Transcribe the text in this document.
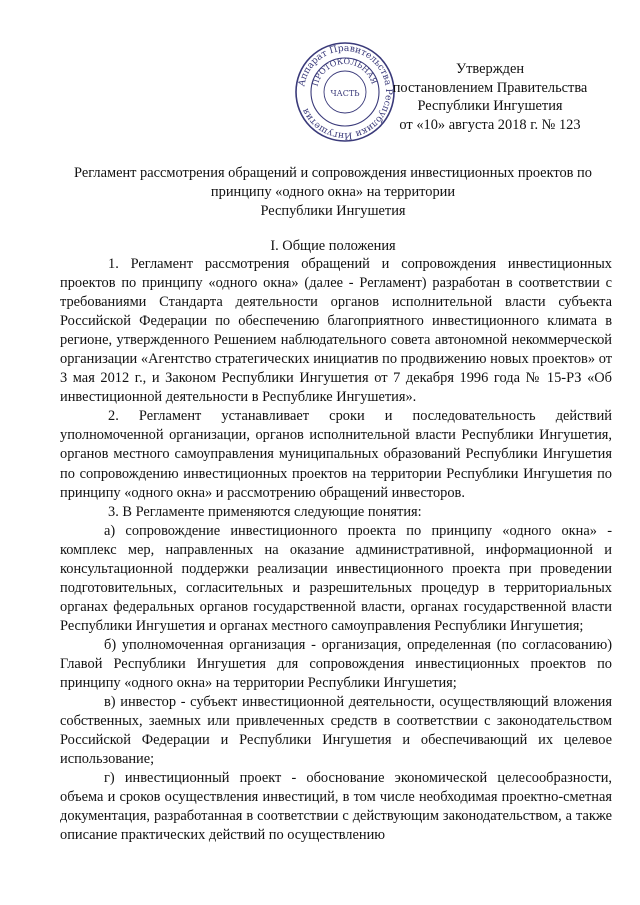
Аппарат Правительства Республики Ингушетия
ПРОТОКОЛЬНАЯ
ЧАСТЬ
Утвержден
постановлением Правительства
Республики Ингушетия
от «10» августа 2018 г. № 123
Регламент рассмотрения обращений и сопровождения инвестиционных проектов по
принципу «одного окна» на территории
Республики Ингушетия
I. Общие положения

1. Регламент рассмотрения обращений и сопровождения инвестиционных проектов по принципу «одного окна» (далее - Регламент) разработан в соответствии с требованиями Стандарта деятельности органов исполнительной власти субъекта Российской Федерации по обеспечению благоприятного инвестиционного климата в регионе, утвержденного Решением наблюдательного совета автономной некоммерческой организации «Агентство стратегических инициатив по продвижению новых проектов» от 3 мая 2012 г., и Законом Республики Ингушетия от 7 декабря 1996 года № 15-РЗ «Об инвестиционной деятельности в Республике Ингушетия».

2. Регламент устанавливает сроки и последовательность действий уполномоченной организации, органов исполнительной власти Республики Ингушетия, органов местного самоуправления муниципальных образований Республики Ингушетия по сопровождению инвестиционных проектов на территории Республики Ингушетия по принципу «одного окна» и рассмотрению обращений инвесторов.

3. В Регламенте применяются следующие понятия:

а) сопровождение инвестиционного проекта по принципу «одного окна» - комплекс мер, направленных на оказание административной, информационной и консультационной поддержки реализации инвестиционного проекта при проведении подготовительных, согласительных и разрешительных процедур в территориальных органах федеральных органов государственной власти, органах государственной власти Республики Ингушетия и органах местного самоуправления Республики Ингушетия;

б) уполномоченная организация - организация, определенная (по согласованию) Главой Республики Ингушетия для сопровождения инвестиционных проектов по принципу «одного окна» на территории Республики Ингушетия;

в) инвестор - субъект инвестиционной деятельности, осуществляющий вложения собственных, заемных или привлеченных средств в соответствии с законодательством Российской Федерации и Республики Ингушетия и обеспечивающий их целевое использование;

г) инвестиционный проект - обоснование экономической целесообразности, объема и сроков осуществления инвестиций, в том числе необходимая проектно-сметная документация, разработанная в соответствии с действующим законодательством, а также описание практических действий по осуществлению
